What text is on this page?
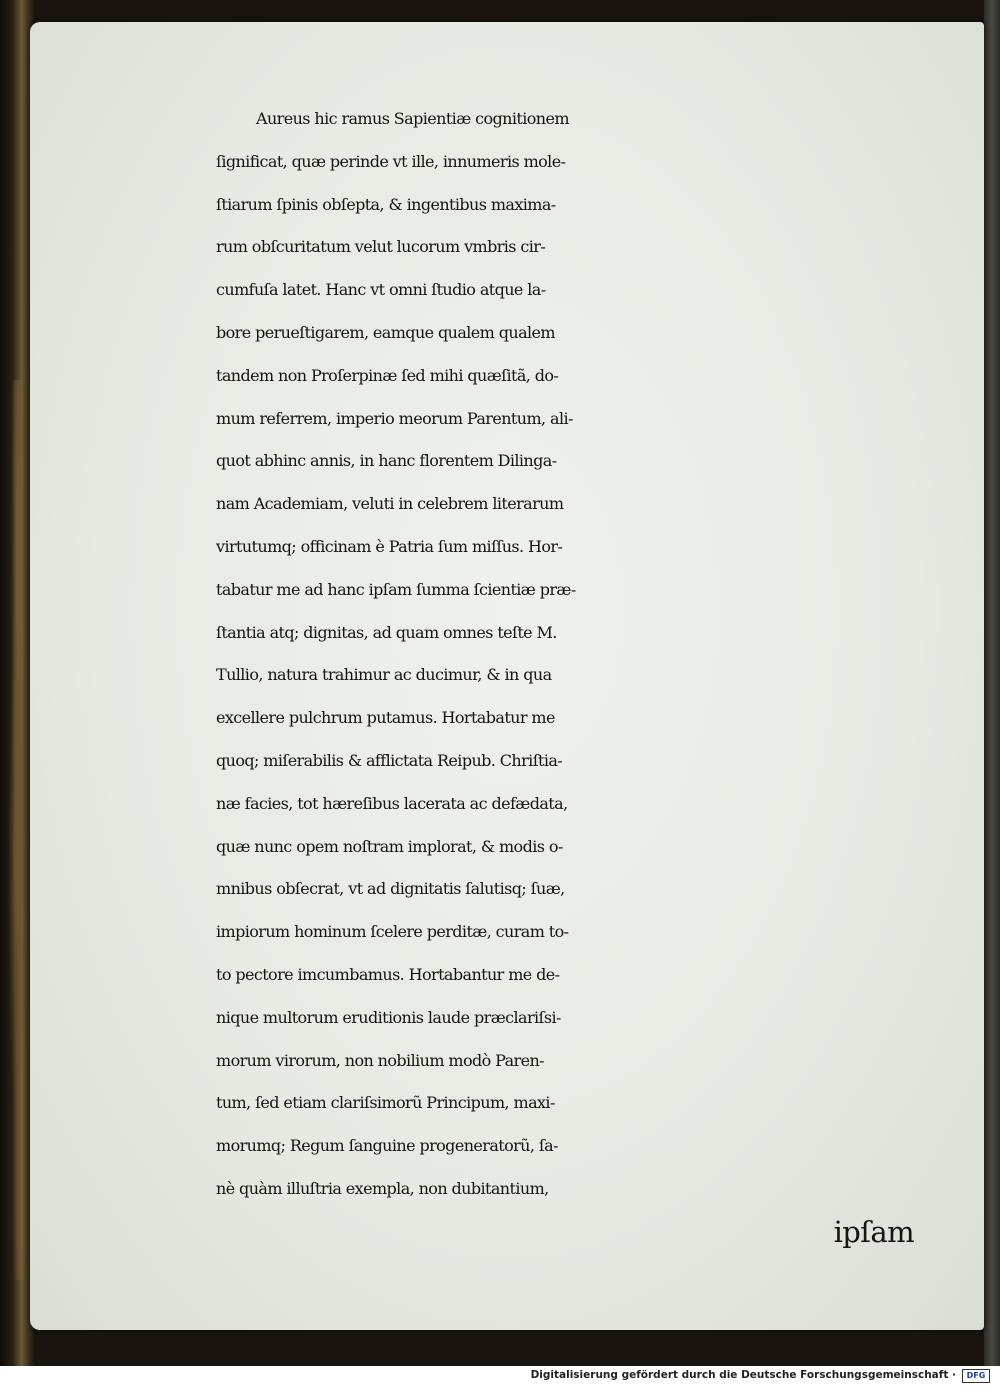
Aureus hic ramus Sapientiæ cognitionem
ſignificat, quæ perinde vt ille, innumeris mole-
ſtiarum ſpinis obſepta, & ingentibus maxima-
rum obſcuritatum velut lucorum vmbris cir-
cumfuſa latet. Hanc vt omni ſtudio atque la-
bore perueſtigarem, eamque qualem qualem
tandem non Proſerpinæ ſed mihi quæſitã, do-
mum referrem, imperio meorum Parentum, ali-
quot abhinc annis, in hanc florentem Dilinga-
nam Academiam, veluti in celebrem literarum
virtutumq; officinam è Patria ſum miſſus. Hor-
tabatur me ad hanc ipſam ſumma ſcientiæ præ-
ſtantia atq; dignitas, ad quam omnes teſte M.
Tullio, natura trahimur ac ducimur, & in qua
excellere pulchrum putamus. Hortabatur me
quoq; miſerabilis & afflictata Reipub. Chriſtia-
næ facies, tot hæreſibus lacerata ac defædata,
quæ nunc opem noſtram implorat, & modis o-
mnibus obſecrat, vt ad dignitatis ſalutisq; ſuæ,
impiorum hominum ſcelere perditæ, curam to-
to pectore imcumbamus. Hortabantur me de-
nique multorum eruditionis laude præclariſsi-
morum virorum, non nobilium modò Paren-
tum, ſed etiam clariſsimorũ Principum, maxi-
morumq; Regum ſanguine progeneratorũ, ſa-
nè quàm illuſtria exempla, non dubitantium,
ipſam
Digitalisierung gefördert durch die Deutsche Forschungsgemeinschaft ·	DFG
